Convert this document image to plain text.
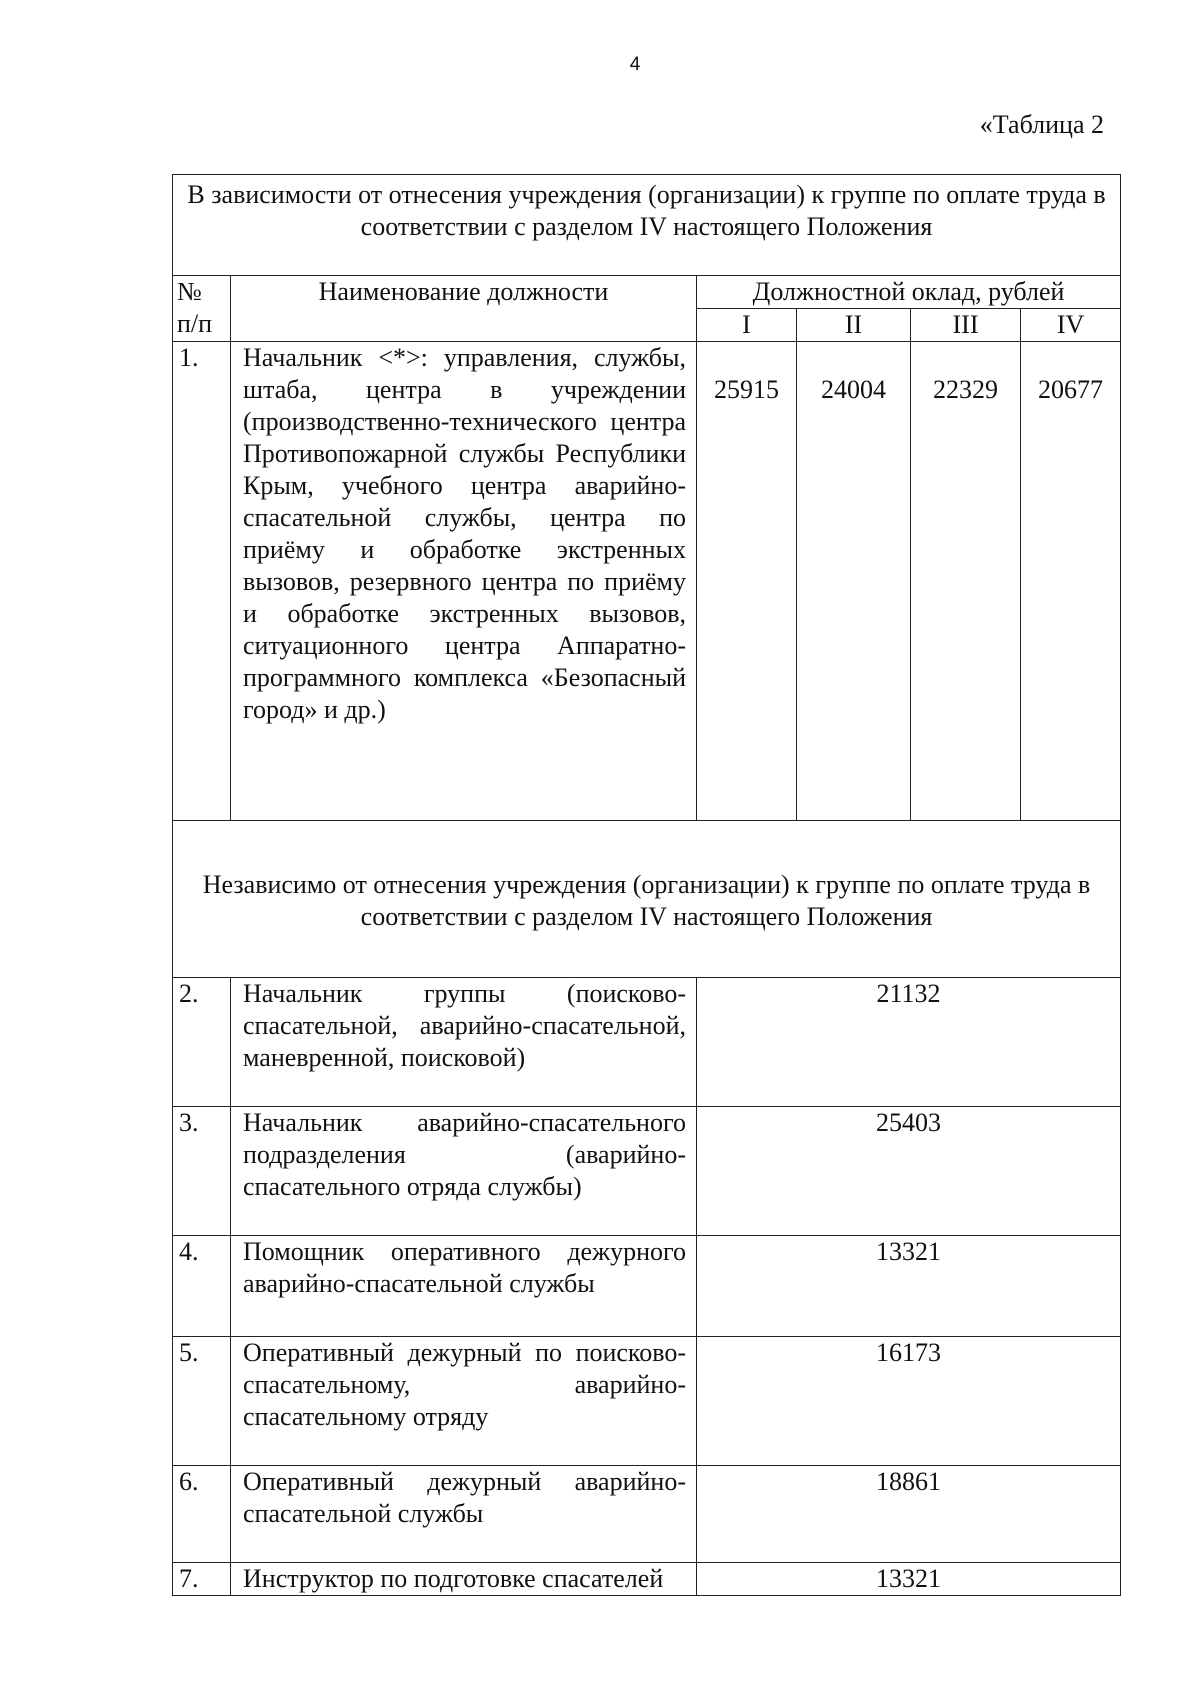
4
«Таблица 2
В зависимости от отнесения учреждения (организации) к группе по оплате труда в соответствии с разделом IV настоящего Положения					
№ п/п	Наименование должности	Должностной оклад, рублей			
		I	II	III	IV
1.	Начальник <*>: управления, службы, штаба, центра в учреждении (производственно-технического центра Противопожарной службы Республики Крым, учебного центра аварийно-спасательной службы, центра по приёму и обработке экстренных вызовов, резервного центра по приёму и обработке экстренных вызовов, ситуационного центра Аппаратно-программного комплекса «Безопасный город» и др.)	25915	24004	22329	20677
Независимо от отнесения учреждения (организации) к группе по оплате труда в соответствии с разделом IV настоящего Положения					
2.	Начальник группы (поисково-спасательной, аварийно-спасательной, маневренной, поисковой)	21132			
3.	Начальник аварийно-спасательного подразделения (аварийно-спасательного отряда службы)	25403			
4.	Помощник оперативного дежурного аварийно-спасательной службы	13321			
5.	Оперативный дежурный по поисково-спасательному, аварийно-спасательному отряду	16173			
6.	Оперативный дежурный аварийно-спасательной службы	18861			
7.	Инструктор по подготовке спасателей	13321			
